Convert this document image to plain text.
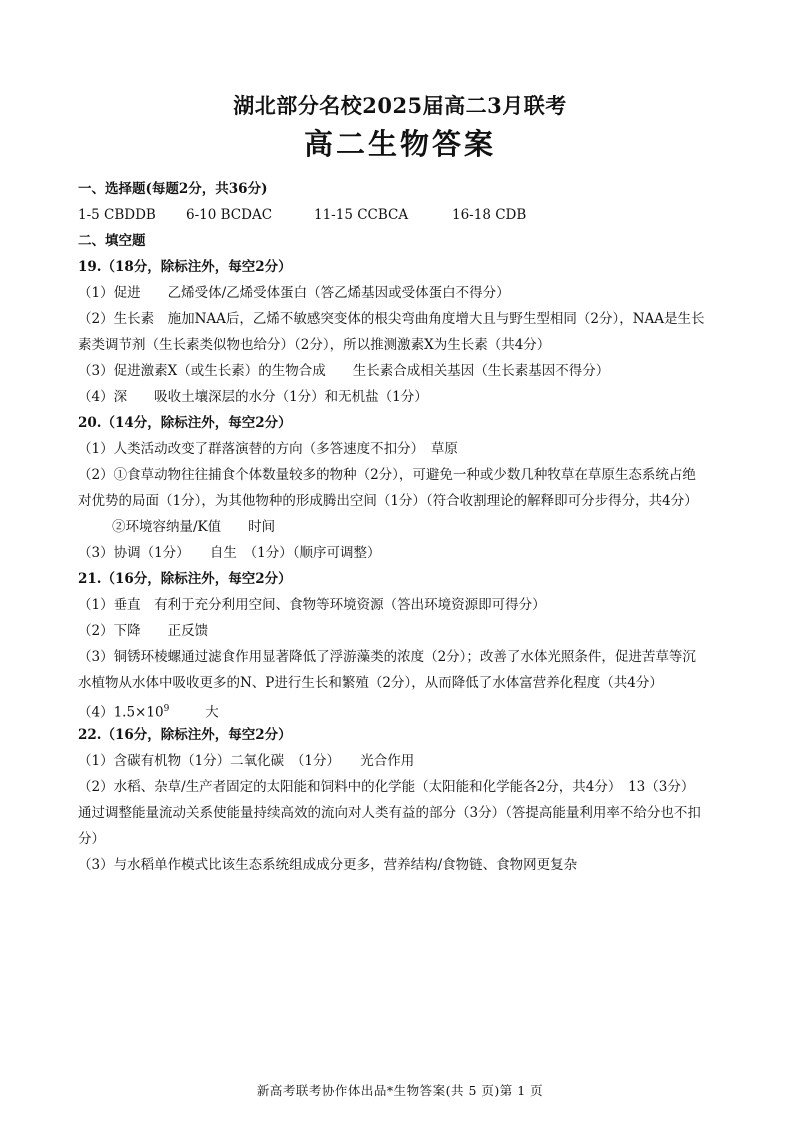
湖北部分名校2025届高二3月联考
高二生物答案
一、选择题(每题2分，共36分)
1-5 CBDDB 6-10 BCDAC	11-15 CCBCA	16-18 CDB
二、填空题
19.（18分，除标注外，每空2分）
（1）促进　　乙烯受体/乙烯受体蛋白（答乙烯基因或受体蛋白不得分）
（2）生长素　施加NAA后，乙烯不敏感突变体的根尖弯曲角度增大且与野生型相同（2分），NAA是生长
素类调节剂（生长素类似物也给分）（2分），所以推测激素X为生长素（共4分）
（3）促进激素X（或生长素）的生物合成　　生长素合成相关基因（生长素基因不得分）
（4）深　　吸收土壤深层的水分（1分）和无机盐（1分）
20.（14分，除标注外，每空2分）
（1）人类活动改变了群落演替的方向（多答速度不扣分）　草原
（2）①食草动物往往捕食个体数量较多的物种（2分），可避免一种或少数几种牧草在草原生态系统占绝
对优势的局面（1分），为其他物种的形成腾出空间（1分）（符合收割理论的解释即可分步得分，共4分）
②环境容纳量/K值　　时间
（3）协调（1分）　　自生　（1分）（顺序可调整）
21.（16分，除标注外，每空2分）
（1）垂直　有利于充分利用空间、食物等环境资源（答出环境资源即可得分）
（2）下降　　正反馈
（3）铜锈环棱螺通过滤食作用显著降低了浮游藻类的浓度（2分）；改善了水体光照条件，促进苦草等沉
水植物从水体中吸收更多的N、P进行生长和繁殖（2分），从而降低了水体富营养化程度（共4分）
$(4)1.5\times 10^9$	大
22.（16分，除标注外，每空2分）
（1）含碳有机物（1分）二氧化碳　（1分）　　光合作用
（2）水稻、杂草/生产者固定的太阳能和饲料中的化学能（太阳能和化学能各2分，共4分）　13（3分）
通过调整能量流动关系使能量持续高效的流向对人类有益的部分（3分）（答提高能量利用率不给分也不扣
分）
（3）与水稻单作模式比该生态系统组成成分更多，营养结构/食物链、食物网更复杂
新高考联考协作体出品*生物答案(共 5 页)第 1 页
